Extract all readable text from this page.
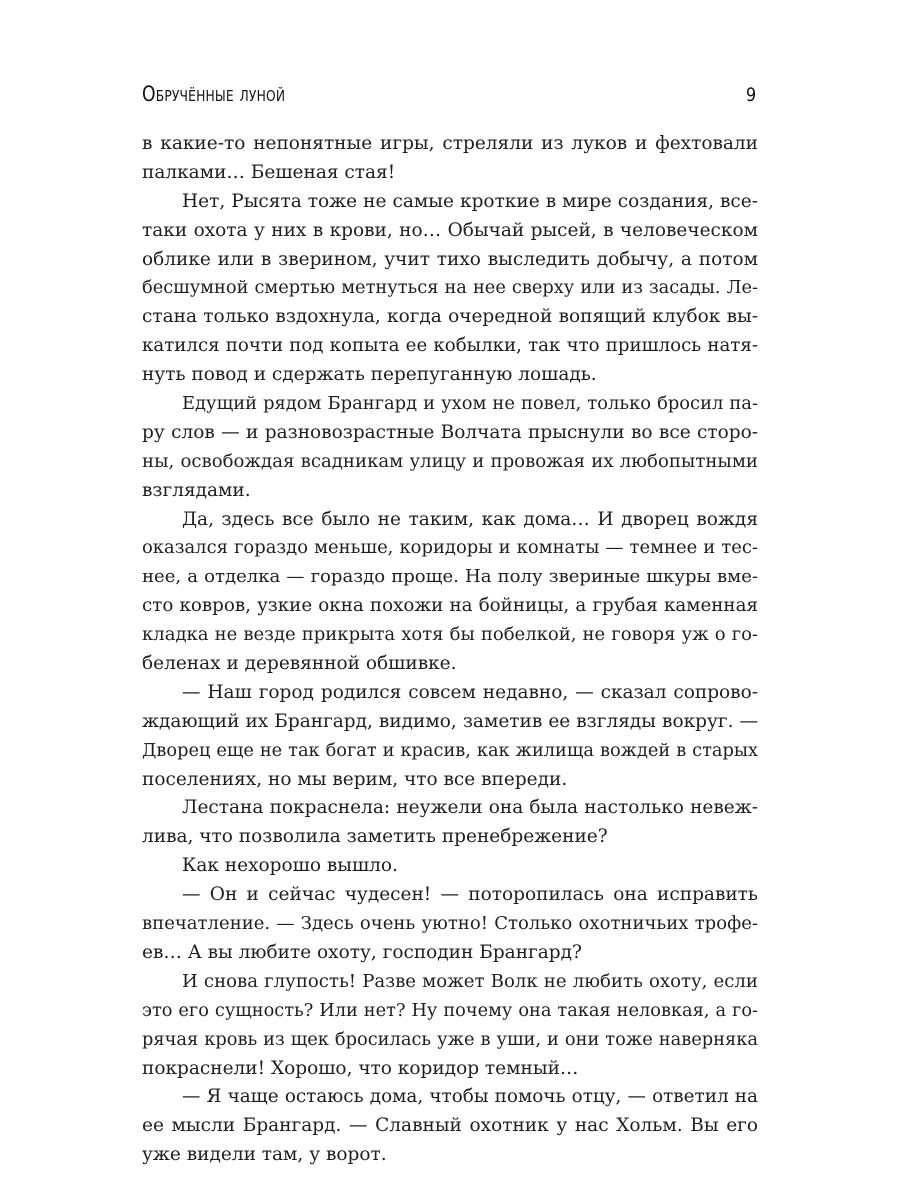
Обручённые луной	9
в какие-то непонятные игры, стреляли из луков и фехтовали
палками… Бешеная стая!
Нет, Рысята тоже не самые кроткие в мире создания, все-
таки охота у них в крови, но… Обычай рысей, в человеческом
облике или в зверином, учит тихо выследить добычу, а потом
бесшумной смертью метнуться на нее сверху или из засады. Ле-
стана только вздохнула, когда очередной вопящий клубок вы-
катился почти под копыта ее кобылки, так что пришлось натя-
нуть повод и сдержать перепуганную лошадь.
Едущий рядом Брангард и ухом не повел, только бросил па-
ру слов — и разновозрастные Волчата прыснули во все сторо-
ны, освобождая всадникам улицу и провожая их любопытными
взглядами.
Да, здесь все было не таким, как дома… И дворец вождя
оказался гораздо меньше, коридоры и комнаты — темнее и тес-
нее, а отделка — гораздо проще. На полу звериные шкуры вме-
сто ковров, узкие окна похожи на бойницы, а грубая каменная
кладка не везде прикрыта хотя бы побелкой, не говоря уж о го-
беленах и деревянной обшивке.
— Наш город родился совсем недавно, — сказал сопрово-
ждающий их Брангард, видимо, заметив ее взгляды вокруг. —
Дворец еще не так богат и красив, как жилища вождей в старых
поселениях, но мы верим, что все впереди.
Лестана покраснела: неужели она была настолько невеж-
лива, что позволила заметить пренебрежение?
Как нехорошо вышло.
— Он и сейчас чудесен! — поторопилась она исправить
впечатление. — Здесь очень уютно! Столько охотничьих трофе-
ев… А вы любите охоту, господин Брангард?
И снова глупость! Разве может Волк не любить охоту, если
это его сущность? Или нет? Ну почему она такая неловкая, а го-
рячая кровь из щек бросилась уже в уши, и они тоже наверняка
покраснели! Хорошо, что коридор темный…
— Я чаще остаюсь дома, чтобы помочь отцу, — ответил на
ее мысли Брангард. — Славный охотник у нас Хольм. Вы его
уже видели там, у ворот.
